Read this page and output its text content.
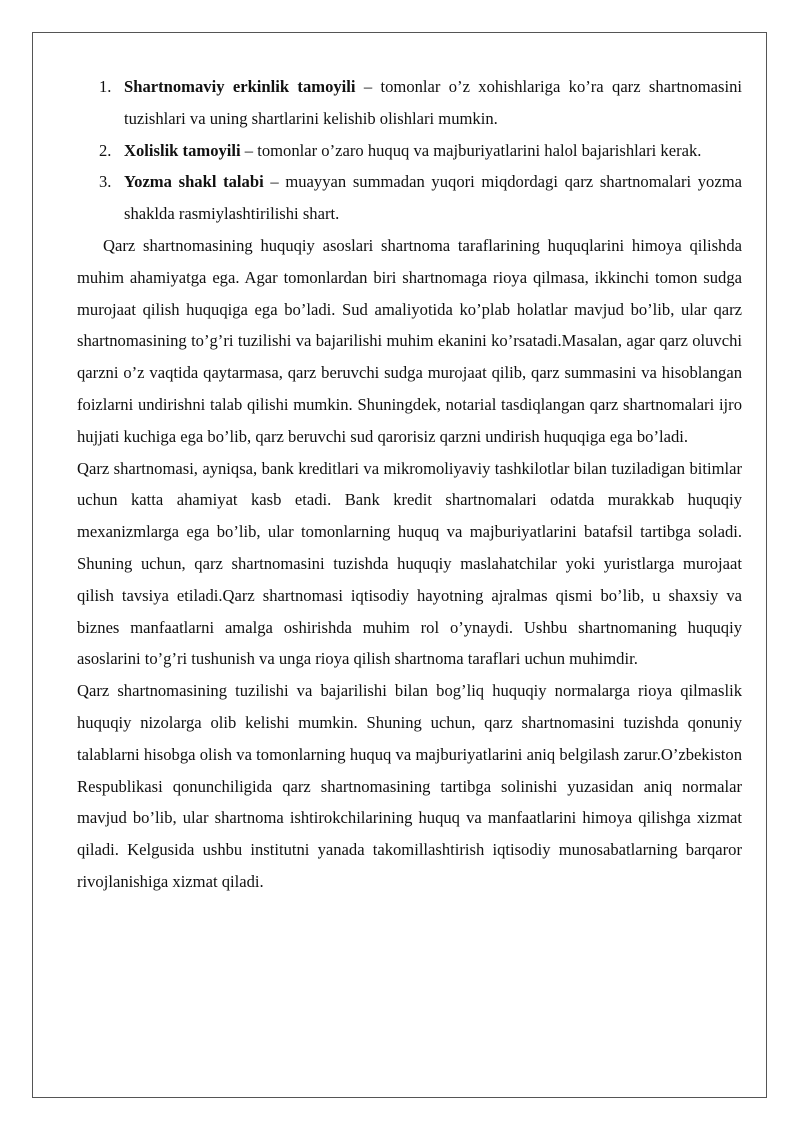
1. Shartnomaviy erkinlik tamoyili – tomonlar o’z xohishlariga ko’ra qarz shartnomasini tuzishlari va uning shartlarini kelishib olishlari mumkin.
2. Xolislik tamoyili – tomonlar o’zaro huquq va majburiyatlarini halol bajarishlari kerak.
3. Yozma shakl talabi – muayyan summadan yuqori miqdordagi qarz shartnomalari yozma shaklda rasmiylashtirilishi shart.

Qarz shartnomasining huquqiy asoslari shartnoma taraflarining huquqlarini himoya qilishda muhim ahamiyatga ega. Agar tomonlardan biri shartnomaga rioya qilmasa, ikkinchi tomon sudga murojaat qilish huquqiga ega bo’ladi. Sud amaliyotida ko’plab holatlar mavjud bo’lib, ular qarz shartnomasining to’g’ri tuzilishi va bajarilishi muhim ekanini ko’rsatadi.Masalan, agar qarz oluvchi qarzni o’z vaqtida qaytarmasa, qarz beruvchi sudga murojaat qilib, qarz summasini va hisoblangan foizlarni undirishni talab qilishi mumkin. Shuningdek, notarial tasdiqlangan qarz shartnomalari ijro hujjati kuchiga ega bo’lib, qarz beruvchi sud qarorisiz qarzni undirish huquqiga ega bo’ladi.

Qarz shartnomasi, ayniqsa, bank kreditlari va mikromoliyaviy tashkilotlar bilan tuziladigan bitimlar uchun katta ahamiyat kasb etadi. Bank kredit shartnomalari odatda murakkab huquqiy mexanizmlarga ega bo’lib, ular tomonlarning huquq va majburiyatlarini batafsil tartibga soladi. Shuning uchun, qarz shartnomasini tuzishda huquqiy maslahatchilar yoki yuristlarga murojaat qilish tavsiya etiladi.Qarz shartnomasi iqtisodiy hayotning ajralmas qismi bo’lib, u shaxsiy va biznes manfaatlarni amalga oshirishda muhim rol o’ynaydi. Ushbu shartnomaning huquqiy asoslarini to’g’ri tushunish va unga rioya qilish shartnoma taraflari uchun muhimdir.

Qarz shartnomasining tuzilishi va bajarilishi bilan bog’liq huquqiy normalarga rioya qilmaslik huquqiy nizolarga olib kelishi mumkin. Shuning uchun, qarz shartnomasini tuzishda qonuniy talablarni hisobga olish va tomonlarning huquq va majburiyatlarini aniq belgilash zarur.O’zbekiston Respublikasi qonunchiligida qarz shartnomasining tartibga solinishi yuzasidan aniq normalar mavjud bo’lib, ular shartnoma ishtirokchilarining huquq va manfaatlarini himoya qilishga xizmat qiladi. Kelgusida ushbu institutni yanada takomillashtirish iqtisodiy munosabatlarning barqaror rivojlanishiga xizmat qiladi.
